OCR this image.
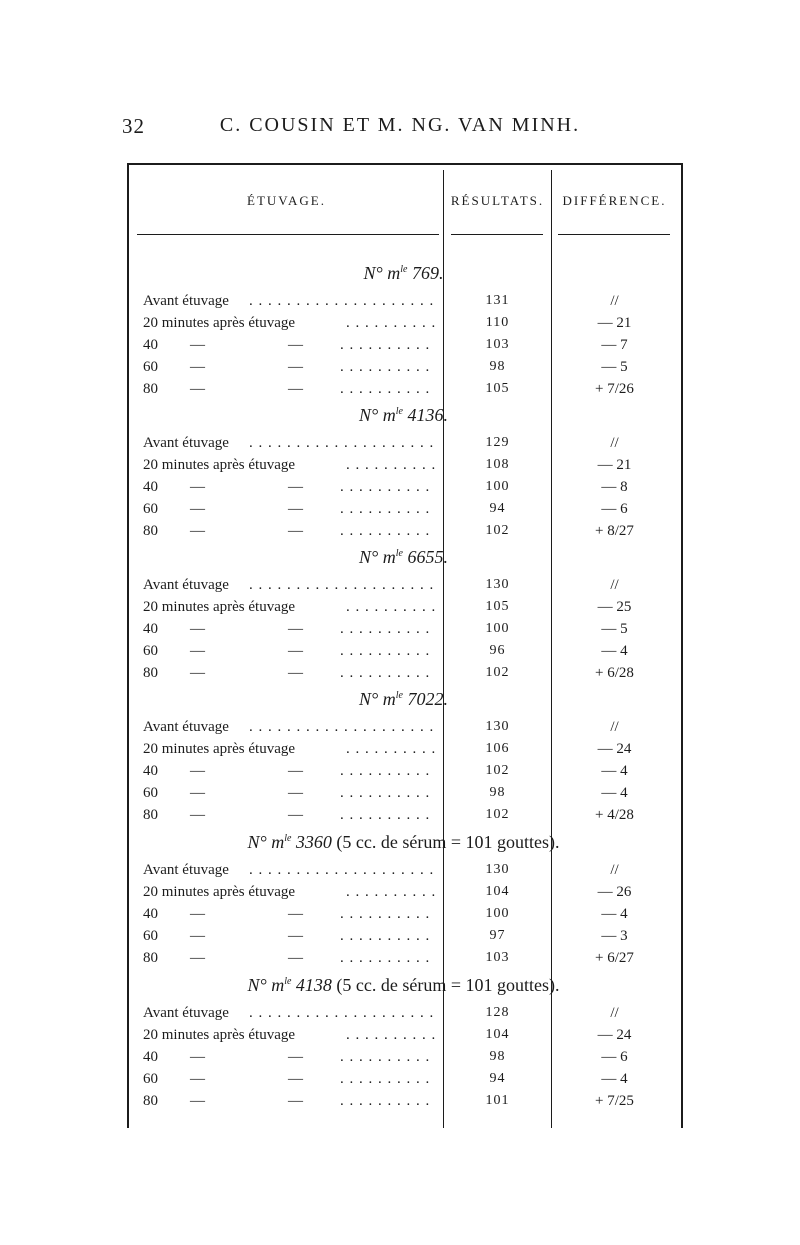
32	C. COUSIN ET M. NG. VAN MINH.
ÉTUVAGE.	RÉSULTATS.	DIFFÉRENCE.
N° $m^{le}$ 769.
Avant étuvage . . . . . . . . . . . . . . . . . . . .	131	//
20 minutes après étuvage	. . . . . . . . . .	110	— 21
40 —	— . . . . . . . . . .	103	— 7
60 —	— . . . . . . . . . .	98	— 5
80 —	— . . . . . . . . . .	105	+ 7/26
N° $m^{le}$ 4136.
Avant étuvage . . . . . . . . . . . . . . . . . . . .	129	//
20 minutes après étuvage	. . . . . . . . . .	108	— 21
40 —	— . . . . . . . . . .	100	— 8
60 —	— . . . . . . . . . .	94	— 6
80 —	— . . . . . . . . . .	102	+ 8/27
N° $m^{le}$ 6655.
Avant étuvage . . . . . . . . . . . . . . . . . . . .	130	//
20 minutes après étuvage	. . . . . . . . . .	105	— 25
40 —	— . . . . . . . . . .	100	— 5
60 —	— . . . . . . . . . .	96	— 4
80 —	— . . . . . . . . . .	102	+ 6/28
N° $m^{le}$ 7022.
Avant étuvage . . . . . . . . . . . . . . . . . . . .	130	//
20 minutes après étuvage	. . . . . . . . . .	106	— 24
40 —	— . . . . . . . . . .	102	— 4
60 —	— . . . . . . . . . .	98	— 4
80 —	— . . . . . . . . . .	102	+ 4/28
N° $m^{le}$ 3360 (5 cc. de sérum = 101 gouttes).
Avant étuvage . . . . . . . . . . . . . . . . . . . .	130	//
20 minutes après étuvage	. . . . . . . . . .	104	— 26
40 —	— . . . . . . . . . .	100	— 4
60 —	— . . . . . . . . . .	97	— 3
80 —	— . . . . . . . . . .	103	+ 6/27
N° $m^{le}$ 4138 (5 cc. de sérum = 101 gouttes).
Avant étuvage . . . . . . . . . . . . . . . . . . . .	128	//
20 minutes après étuvage	. . . . . . . . . .	104	— 24
40 —	— . . . . . . . . . .	98	— 6
60 —	— . . . . . . . . . .	94	— 4
80 —	— . . . . . . . . . .	101	+ 7/25
